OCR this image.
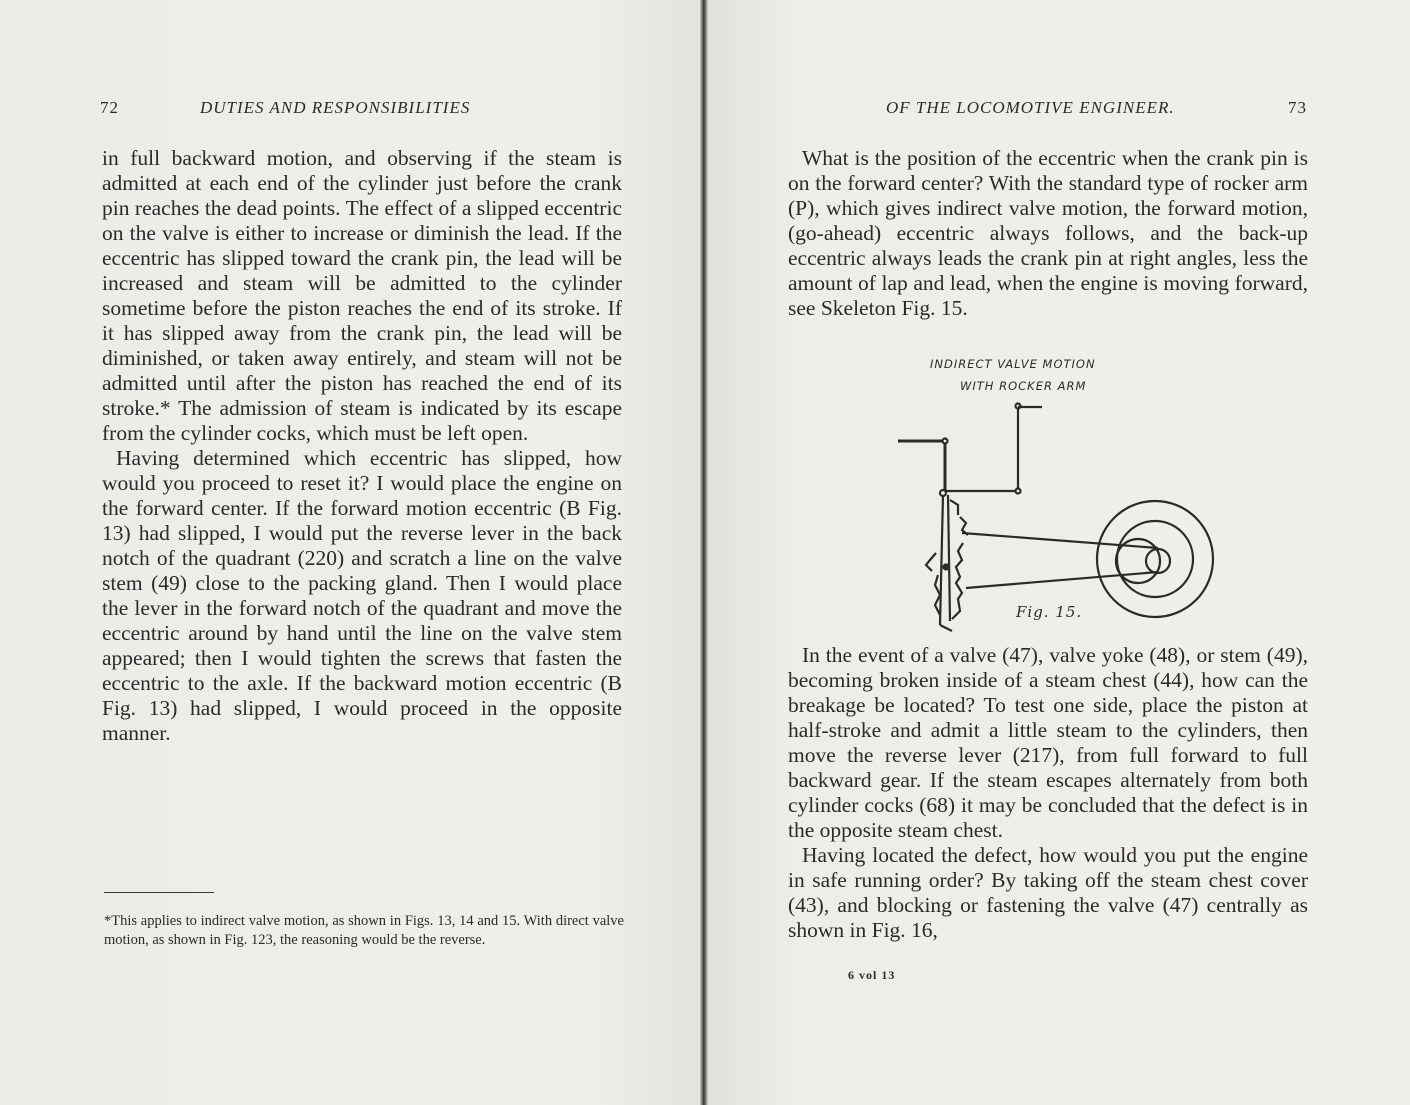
72	DUTIES AND RESPONSIBILITIES

in full backward motion, and observing if the steam is admitted at each end of the cylinder just before the crank pin reaches the dead points. The effect of a slipped eccentric on the valve is either to increase or diminish the lead. If the eccentric has slipped toward the crank pin, the lead will be increased and steam will be admitted to the cylinder sometime before the piston reaches the end of its stroke. If it has slipped away from the crank pin, the lead will be diminished, or taken away entirely, and steam will not be admitted until after the piston has reached the end of its stroke.* The admission of steam is indicated by its escape from the cylinder cocks, which must be left open.

Having determined which eccentric has slipped, how would you proceed to reset it? I would place the engine on the forward center. If the forward motion eccentric (B Fig. 13) had slipped, I would put the reverse lever in the back notch of the quadrant (220) and scratch a line on the valve stem (49) close to the packing gland. Then I would place the lever in the forward notch of the quadrant and move the eccentric around by hand until the line on the valve stem appeared; then I would tighten the screws that fasten the eccentric to the axle. If the backward motion eccentric (B Fig. 13) had slipped, I would proceed in the opposite manner.

*This applies to indirect valve motion, as shown in Figs. 13, 14 and 15. With direct valve motion, as shown in Fig. 123, the reasoning would be the reverse.
OF THE LOCOMOTIVE ENGINEER.	73

What is the position of the eccentric when the crank pin is on the forward center? With the standard type of rocker arm (P), which gives indirect valve motion, the forward motion, (go-ahead) eccentric always follows, and the back-up eccentric always leads the crank pin at right angles, less the amount of lap and lead, when the engine is moving forward, see Skeleton Fig. 15.

INDIRECT VALVE MOTION
WITH ROCKER ARM
Fig. 15.

In the event of a valve (47), valve yoke (48), or stem (49), becoming broken inside of a steam chest (44), how can the breakage be located? To test one side, place the piston at half-stroke and admit a little steam to the cylinders, then move the reverse lever (217), from full forward to full backward gear. If the steam escapes alternately from both cylinder cocks (68) it may be concluded that the defect is in the opposite steam chest.

Having located the defect, how would you put the engine in safe running order? By taking off the steam chest cover (43), and blocking or fastening the valve (47) centrally as shown in Fig. 16,

6 vol 13
